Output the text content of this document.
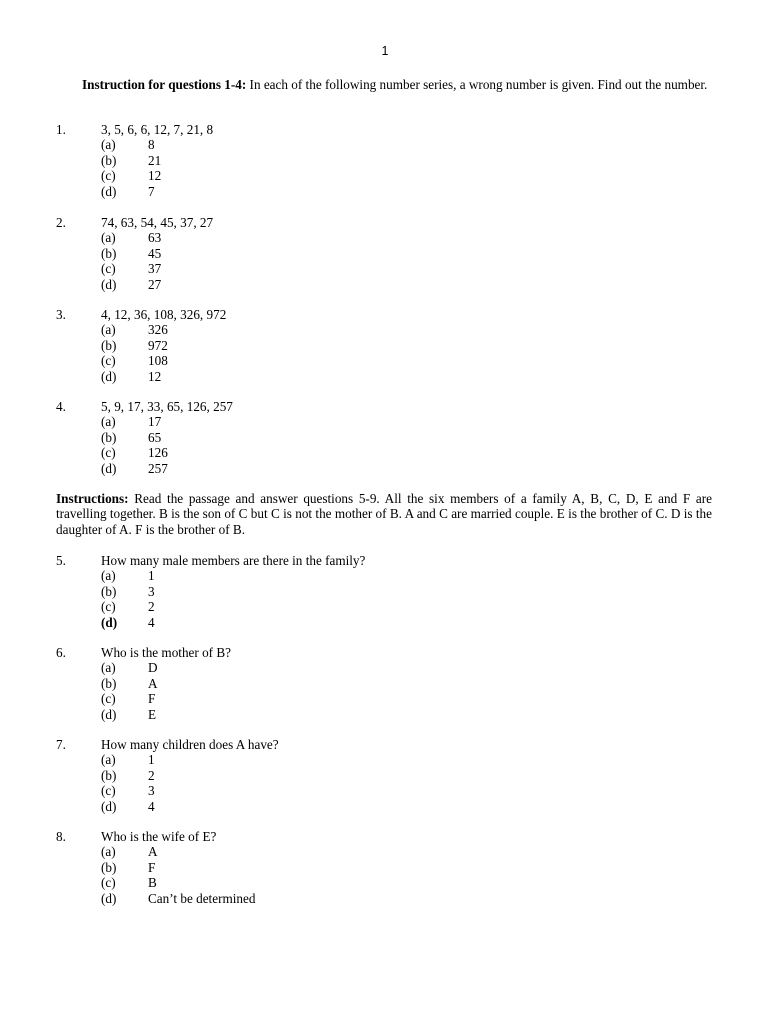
1
Instruction for questions 1-4: In each of the following number series, a wrong number is given. Find out the number.
Instructions: Read the passage and answer questions 5-9. All the six members of a family A, B, C, D, E and F are travelling together. B is the son of C but C is not the mother of B. A and C are married couple. E is the brother of C. D is the daughter of A. F is the brother of B.
1.	3, 5, 6, 6, 12, 7, 21, 8
(a) 8
(b) 21
(c) 12
(d) 7
2.	74, 63, 54, 45, 37, 27
(a) 63
(b) 45
(c) 37
(d) 27
3.	4, 12, 36, 108, 326, 972
(a) 326
(b) 972
(c) 108
(d) 12
4.	5, 9, 17, 33, 65, 126, 257
(a) 17
(b) 65
(c) 126
(d) 257
5.	How many male members are there in the family?
(a) 1
(b) 3
(c) 2
(d) 4
6.	Who is the mother of B?
(a) D
(b) A
(c) F
(d) E
7.	How many children does A have?
(a) 1
(b) 2
(c) 3
(d) 4
8.	Who is the wife of E?
(a) A
(b) F
(c) B
(d) Can’t be determined
